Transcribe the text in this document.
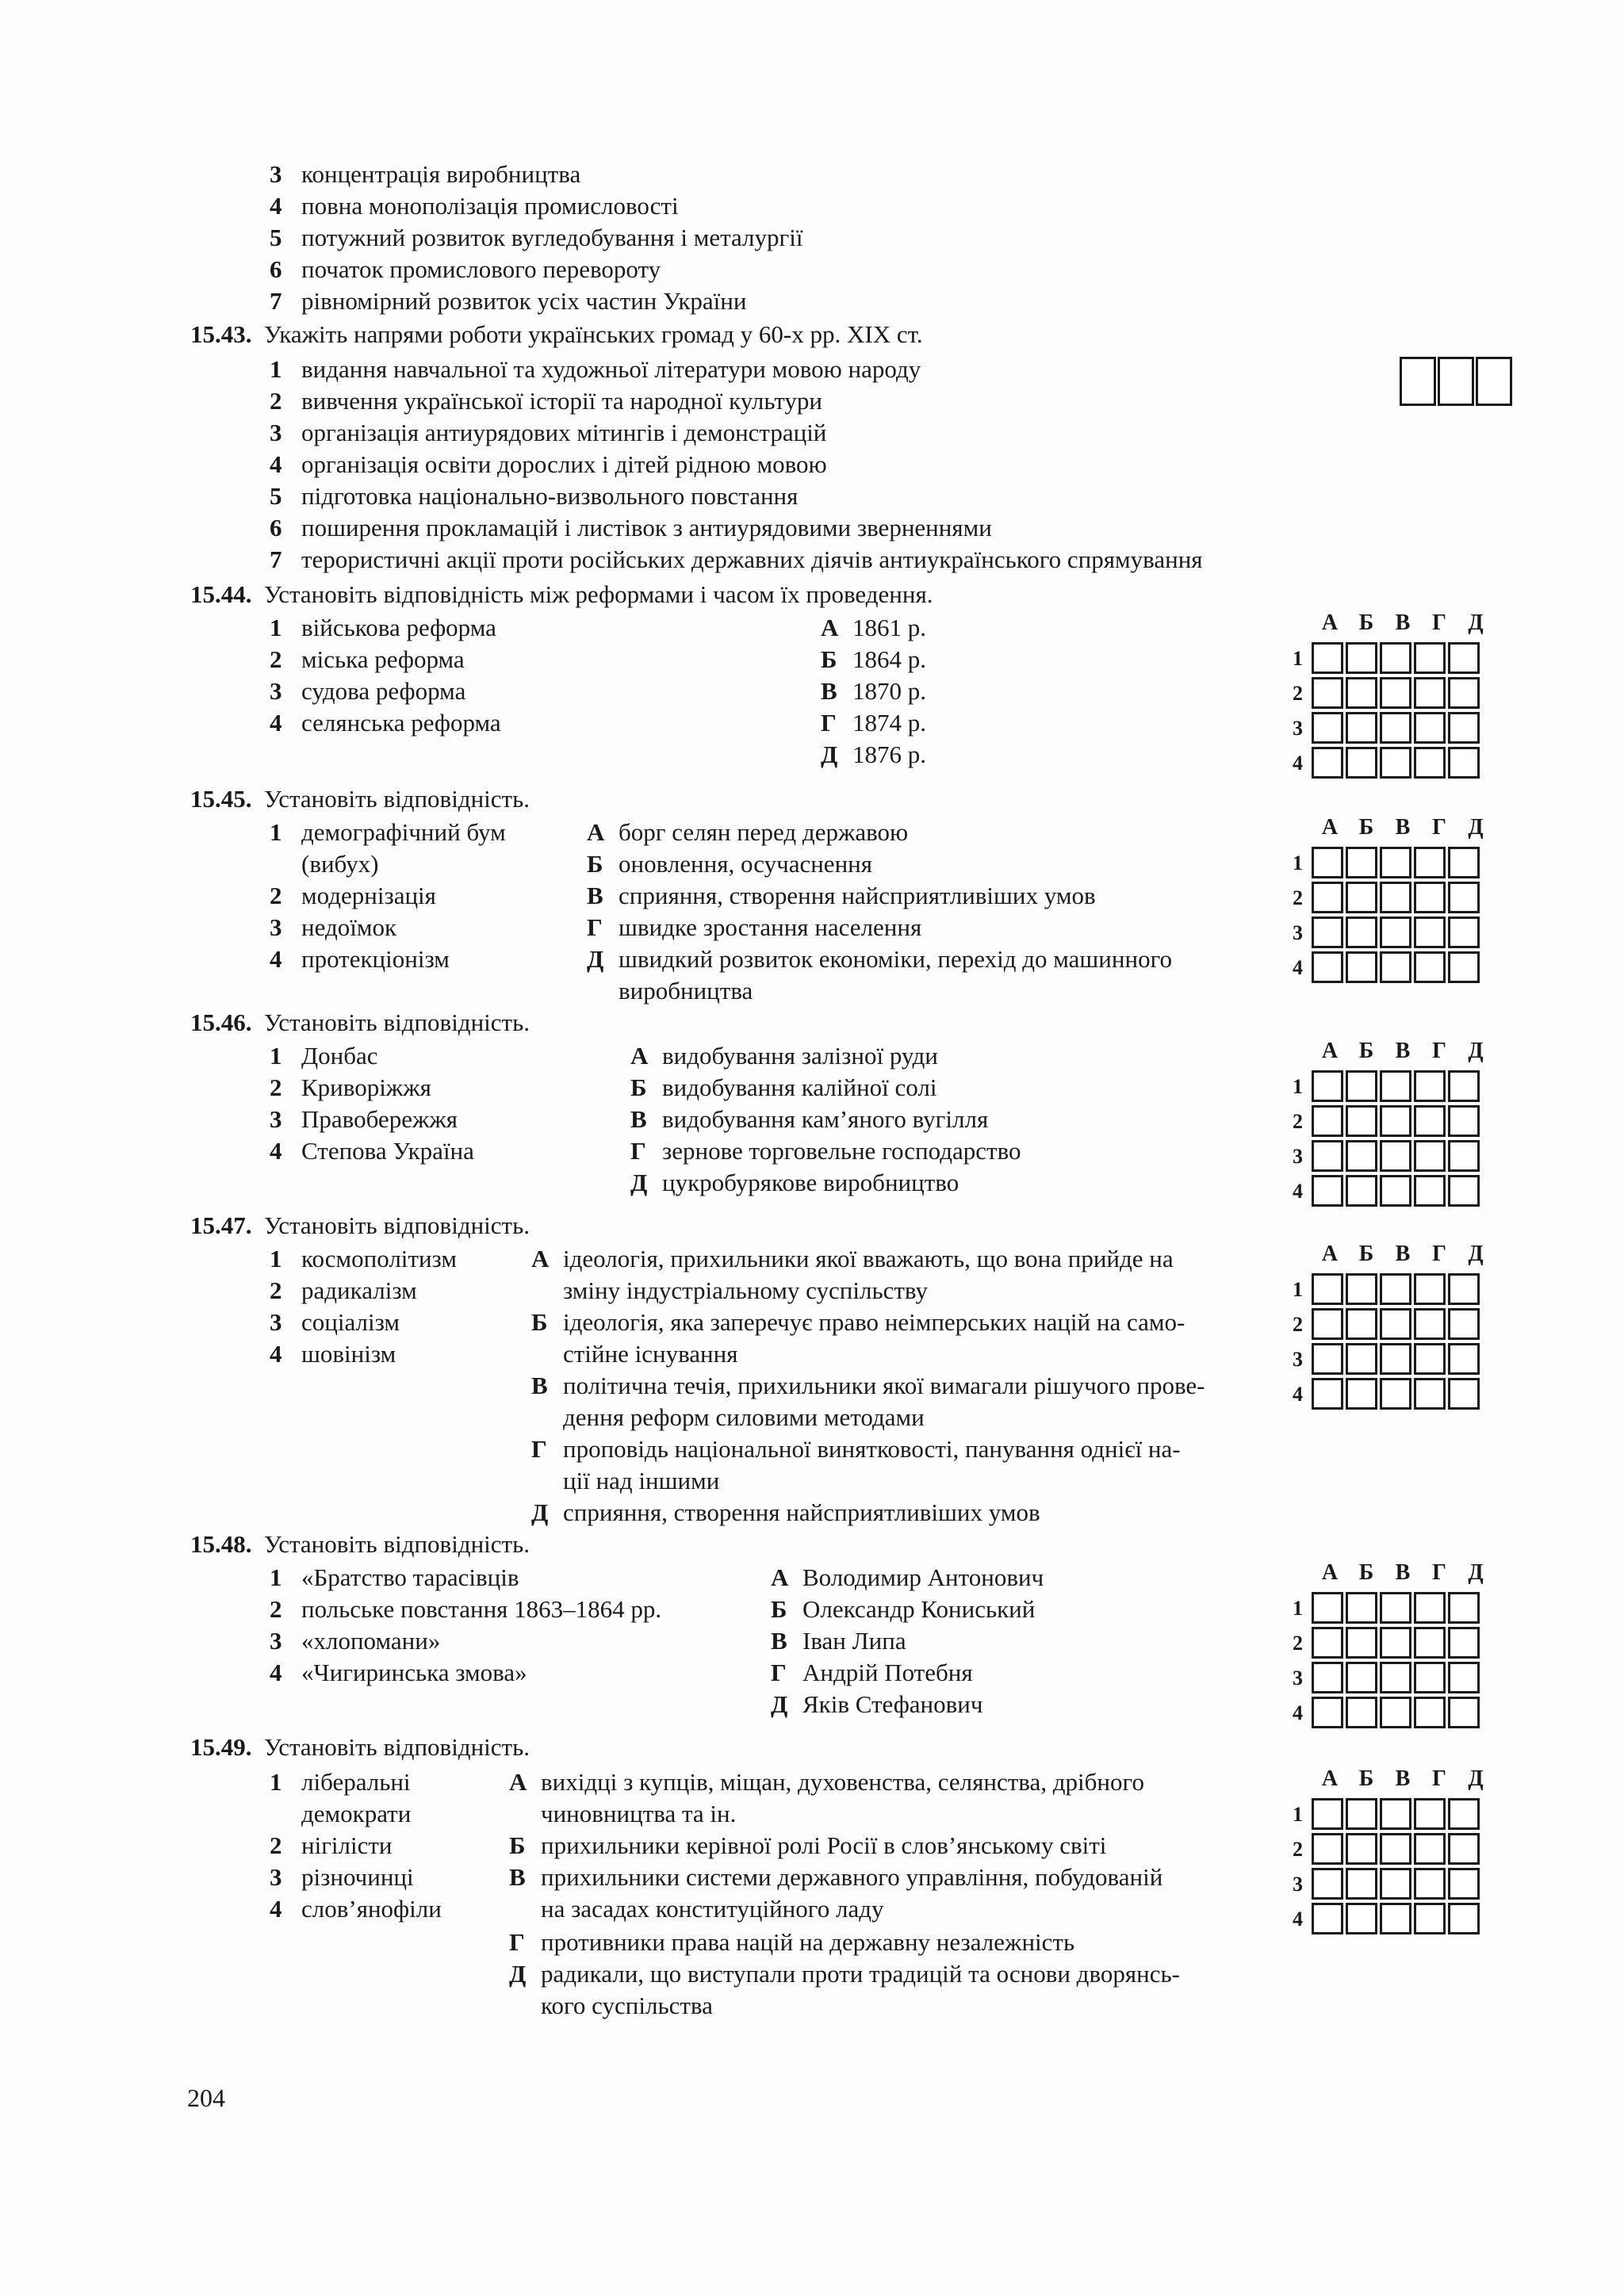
3 концентрація виробництва
4 повна монополізація промисловості
5 потужний розвиток вугледобування і металургії
6 початок промислового перевороту
7 рівномірний розвиток усіх частин України
15.43. Укажіть напрями роботи українських громад у 60-х рр. XIX ст.
1 видання навчальної та художньої літератури мовою народу
2 вивчення української історії та народної культури
3 організація антиурядових мітингів і демонстрацій
4 організація освіти дорослих і дітей рідною мовою
5 підготовка національно-визвольного повстання
6 поширення прокламацій і листівок з антиурядовими зверненнями
7 терористичні акції проти російських державних діячів антиукраїнського спрямування
15.44. Установіть відповідність між реформами і часом їх проведення.
1 військова реформа
2 міська реформа
3 судова реформа
4 селянська реформа
А 1861 р.
Б 1864 р.
В 1870 р.
Г 1874 р.
Д 1876 р.
А Б В Г Д
1
2
3
4
15.45. Установіть відповідність.
1 демографічний бум
(вибух)
2 модернізація
3 недоїмок
4 протекціонізм
А борг селян перед державою
Б оновлення, осучаснення
В сприяння, створення найсприятливіших умов
Г швидке зростання населення
Д швидкий розвиток економіки, перехід до машинного
виробництва
А Б В Г Д
1
2
3
4
15.46. Установіть відповідність.
1 Донбас
2 Криворіжжя
3 Правобережжя
4 Степова Україна
А видобування залізної руди
Б видобування калійної солі
В видобування кам’яного вугілля
Г зернове торговельне господарство
Д цукробурякове виробництво
А Б В Г Д
1
2
3
4
15.47. Установіть відповідність.
1 космополітизм
2 радикалізм
3 соціалізм
4 шовінізм
А ідеологія, прихильники якої вважають, що вона прийде на
зміну індустріальному суспільству
Б ідеологія, яка заперечує право неімперських націй на само-
стійне існування
В політична течія, прихильники якої вимагали рішучого прове-
дення реформ силовими методами
Г проповідь національної винятковості, панування однієї на-
ції над іншими
Д сприяння, створення найсприятливіших умов
А Б В Г Д
1
2
3
4
15.48. Установіть відповідність.
1 «Братство тарасівців
2 польське повстання 1863–1864 рр.
3 «хлопомани»
4 «Чигиринська змова»
А Володимир Антонович
Б Олександр Кониський
В Іван Липа
Г Андрій Потебня
Д Яків Стефанович
А Б В Г Д
1
2
3
4
15.49. Установіть відповідність.
1 ліберальні
демократи
2 нігілісти
3 різночинці
4 слов’янофіли
А вихідці з купців, міщан, духовенства, селянства, дрібного
чиновництва та ін.
Б прихильники керівної ролі Росії в слов’янському світі
В прихильники системи державного управління, побудованій
на засадах конституційного ладу
Г противники права націй на державну незалежність
Д радикали, що виступали проти традицій та основи дворянсь-
кого суспільства
А Б В Г Д
1
2
3
4
204
